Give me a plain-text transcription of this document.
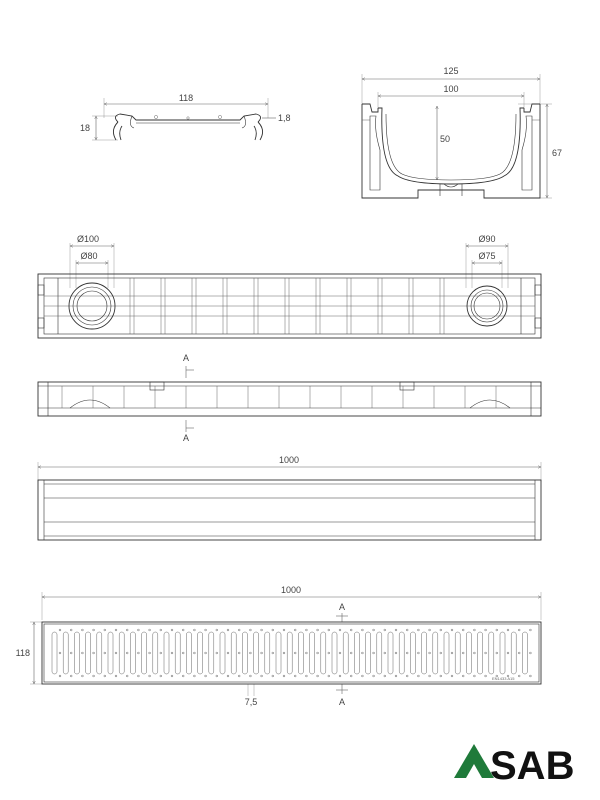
118
18
1,8
125
100
50
67
Ø100
Ø80
Ø90
Ø75
A
A
1000
1000
118
A
A
7,5
EN1433 A15
SAB
